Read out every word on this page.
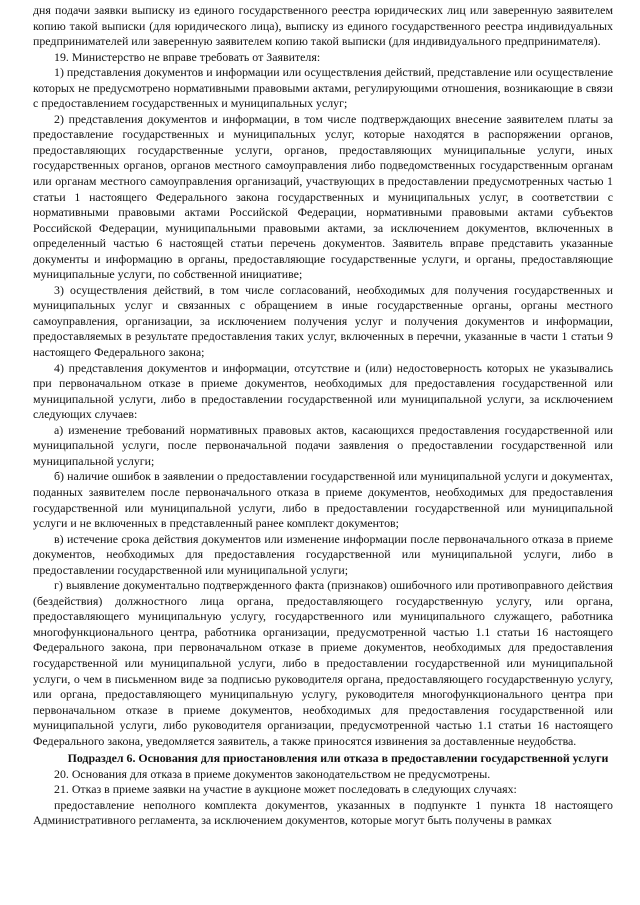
дня подачи заявки выписку из единого государственного реестра юридических лиц или заверенную заявителем копию такой выписки (для юридического лица), выписку из единого государственного реестра индивидуальных предпринимателей или заверенную заявителем копию такой выписки (для индивидуального предпринимателя).

19. Министерство не вправе требовать от Заявителя:

1) представления документов и информации или осуществления действий, представление или осуществление которых не предусмотрено нормативными правовыми актами, регулирующими отношения, возникающие в связи с предоставлением государственных и муниципальных услуг;

2) представления документов и информации, в том числе подтверждающих внесение заявителем платы за предоставление государственных и муниципальных услуг, которые находятся в распоряжении органов, предоставляющих государственные услуги, органов, предоставляющих муниципальные услуги, иных государственных органов, органов местного самоуправления либо подведомственных государственным органам или органам местного самоуправления организаций, участвующих в предоставлении предусмотренных частью 1 статьи 1 настоящего Федерального закона государственных и муниципальных услуг, в соответствии с нормативными правовыми актами Российской Федерации, нормативными правовыми актами субъектов Российской Федерации, муниципальными правовыми актами, за исключением документов, включенных в определенный частью 6 настоящей статьи перечень документов. Заявитель вправе представить указанные документы и информацию в органы, предоставляющие государственные услуги, и органы, предоставляющие муниципальные услуги, по собственной инициативе;

3) осуществления действий, в том числе согласований, необходимых для получения государственных и муниципальных услуг и связанных с обращением в иные государственные органы, органы местного самоуправления, организации, за исключением получения услуг и получения документов и информации, предоставляемых в результате предоставления таких услуг, включенных в перечни, указанные в части 1 статьи 9 настоящего Федерального закона;

4) представления документов и информации, отсутствие и (или) недостоверность которых не указывались при первоначальном отказе в приеме документов, необходимых для предоставления государственной или муниципальной услуги, либо в предоставлении государственной или муниципальной услуги, за исключением следующих случаев:

а) изменение требований нормативных правовых актов, касающихся предоставления государственной или муниципальной услуги, после первоначальной подачи заявления о предоставлении государственной или муниципальной услуги;

б) наличие ошибок в заявлении о предоставлении государственной или муниципальной услуги и документах, поданных заявителем после первоначального отказа в приеме документов, необходимых для предоставления государственной или муниципальной услуги, либо в предоставлении государственной или муниципальной услуги и не включенных в представленный ранее комплект документов;

в) истечение срока действия документов или изменение информации после первоначального отказа в приеме документов, необходимых для предоставления государственной или муниципальной услуги, либо в предоставлении государственной или муниципальной услуги;

г) выявление документально подтвержденного факта (признаков) ошибочного или противоправного действия (бездействия) должностного лица органа, предоставляющего государственную услугу, или органа, предоставляющего муниципальную услугу, государственного или муниципального служащего, работника многофункционального центра, работника организации, предусмотренной частью 1.1 статьи 16 настоящего Федерального закона, при первоначальном отказе в приеме документов, необходимых для предоставления государственной или муниципальной услуги, либо в предоставлении государственной или муниципальной услуги, о чем в письменном виде за подписью руководителя органа, предоставляющего государственную услугу, или органа, предоставляющего муниципальную услугу, руководителя многофункционального центра при первоначальном отказе в приеме документов, необходимых для предоставления государственной или муниципальной услуги, либо руководителя организации, предусмотренной частью 1.1 статьи 16 настоящего Федерального закона, уведомляется заявитель, а также приносятся извинения за доставленные неудобства.

Подраздел 6. Основания для приостановления или отказа в предоставлении государственной услуги

20. Основания для отказа в приеме документов законодательством не предусмотрены.

21. Отказ в приеме заявки на участие в аукционе может последовать в следующих случаях:

предоставление неполного комплекта документов, указанных в подпункте 1 пункта 18 настоящего Административного регламента, за исключением документов, которые могут быть получены в рамках
